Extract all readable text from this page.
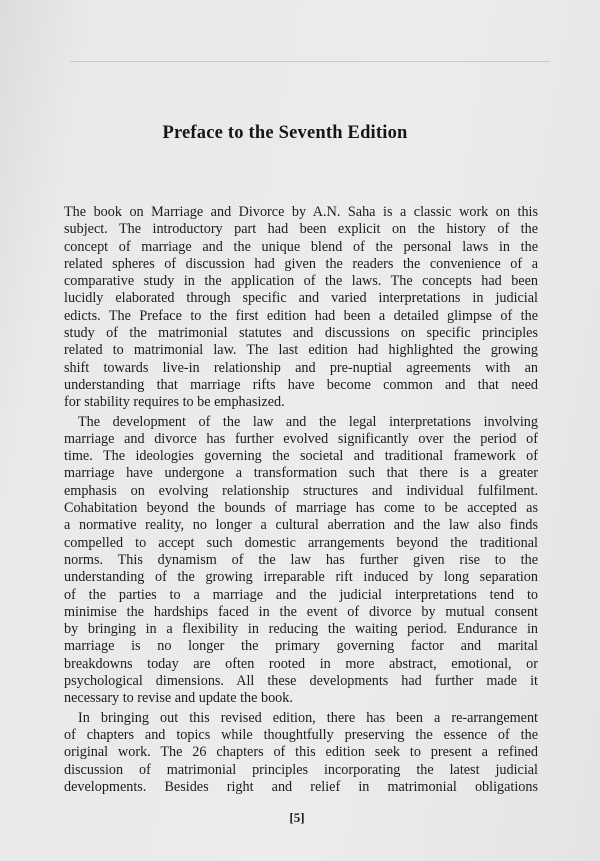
Preface to the Seventh Edition
The book on Marriage and Divorce by A.N. Saha is a classic work on this
subject. The introductory part had been explicit on the history of the
concept of marriage and the unique blend of the personal laws in the
related spheres of discussion had given the readers the convenience of a
comparative study in the application of the laws. The concepts had been
lucidly elaborated through specific and varied interpretations in judicial
edicts. The Preface to the first edition had been a detailed glimpse of the
study of the matrimonial statutes and discussions on specific principles
related to matrimonial law. The last edition had highlighted the growing
shift towards live-in relationship and pre-nuptial agreements with an
understanding that marriage rifts have become common and that need
for stability requires to be emphasized.
The development of the law and the legal interpretations involving
marriage and divorce has further evolved significantly over the period of
time. The ideologies governing the societal and traditional framework of
marriage have undergone a transformation such that there is a greater
emphasis on evolving relationship structures and individual fulfilment.
Cohabitation beyond the bounds of marriage has come to be accepted as
a normative reality, no longer a cultural aberration and the law also finds
compelled to accept such domestic arrangements beyond the traditional
norms. This dynamism of the law has further given rise to the
understanding of the growing irreparable rift induced by long separation
of the parties to a marriage and the judicial interpretations tend to
minimise the hardships faced in the event of divorce by mutual consent
by bringing in a flexibility in reducing the waiting period. Endurance in
marriage is no longer the primary governing factor and marital
breakdowns today are often rooted in more abstract, emotional, or
psychological dimensions. All these developments had further made it
necessary to revise and update the book.
In bringing out this revised edition, there has been a re-arrangement
of chapters and topics while thoughtfully preserving the essence of the
original work. The 26 chapters of this edition seek to present a refined
discussion of matrimonial principles incorporating the latest judicial
developments. Besides right and relief in matrimonial obligations
[5]
